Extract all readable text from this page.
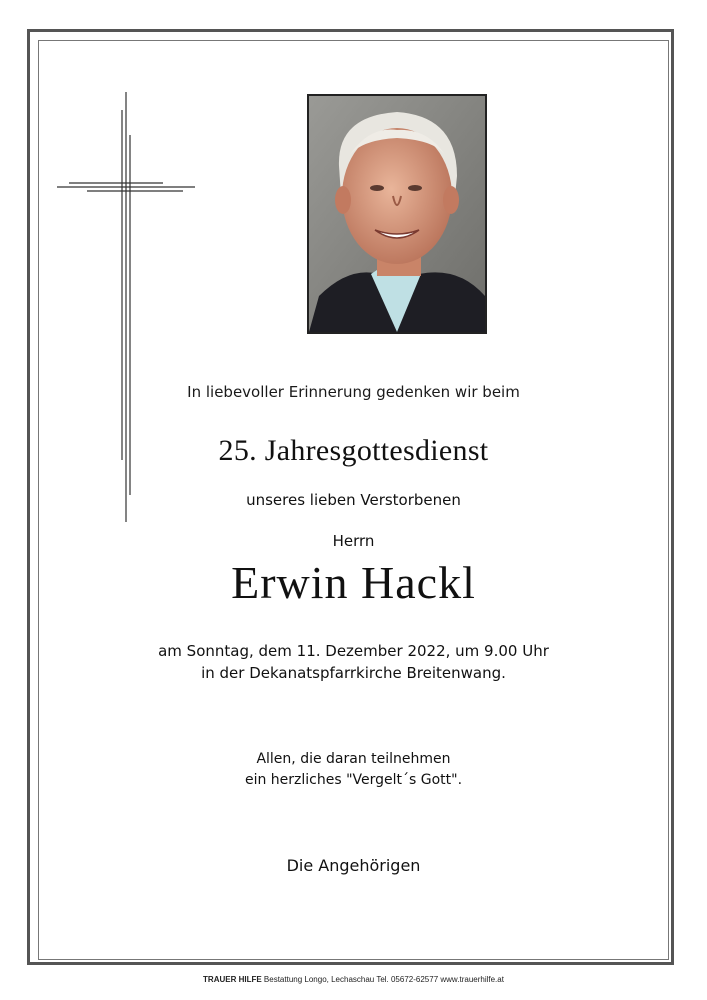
In liebevoller Erinnerung gedenken wir beim

25. Jahresgottesdienst

unseres lieben Verstorbenen

Herrn

Erwin Hackl

am Sonntag, dem 11. Dezember 2022, um 9.00 Uhr

in der Dekanatspfarrkirche Breitenwang.

Allen, die daran teilnehmen

ein herzliches "Vergelt´s Gott".

Die Angehörigen

TRAUER HILFE Bestattung Longo, Lechaschau Tel. 05672-62577 www.trauerhilfe.at
